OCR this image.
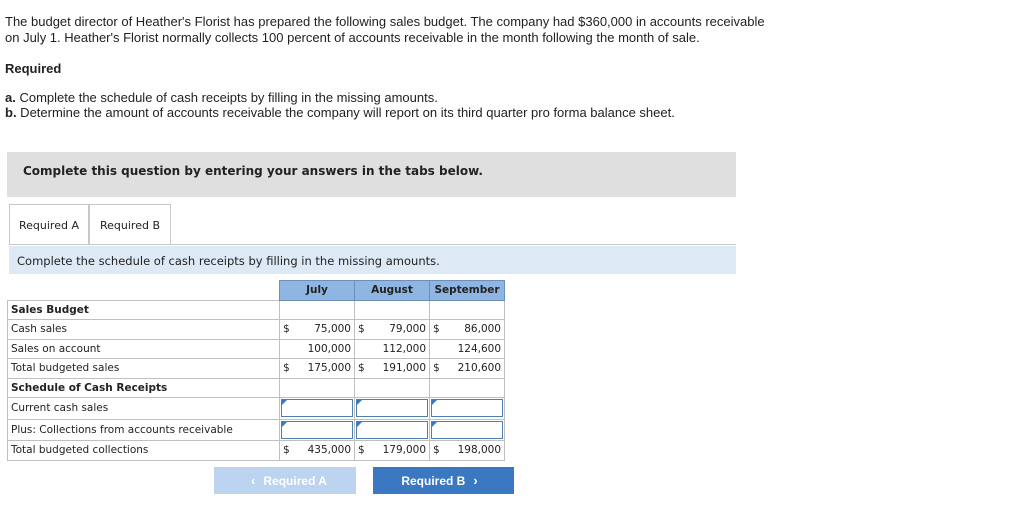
The budget director of Heather's Florist has prepared the following sales budget. The company had $360,000 in accounts receivable

on July 1. Heather's Florist normally collects 100 percent of accounts receivable in the month following the month of sale.

Required
a. Complete the schedule of cash receipts by filling in the missing amounts.
b. Determine the amount of accounts receivable the company will report on its third quarter pro forma balance sheet.
Complete this question by entering your answers in the tabs below.
Required A	Required B
Complete the schedule of cash receipts by filling in the missing amounts.
	July		August		September	
Sales Budget						
Cash sales	$	75,000	$	79,000	$	86,000
Sales on account		100,000		112,000		124,600
Total budgeted sales	$	175,000	$	191,000	$	210,600
Schedule of Cash Receipts						
Current cash sales				

Plus: Collections from accounts receivable				

Total budgeted collections	$	435,000	$	179,000	$	198,000
‹ Required A	Required B ›
